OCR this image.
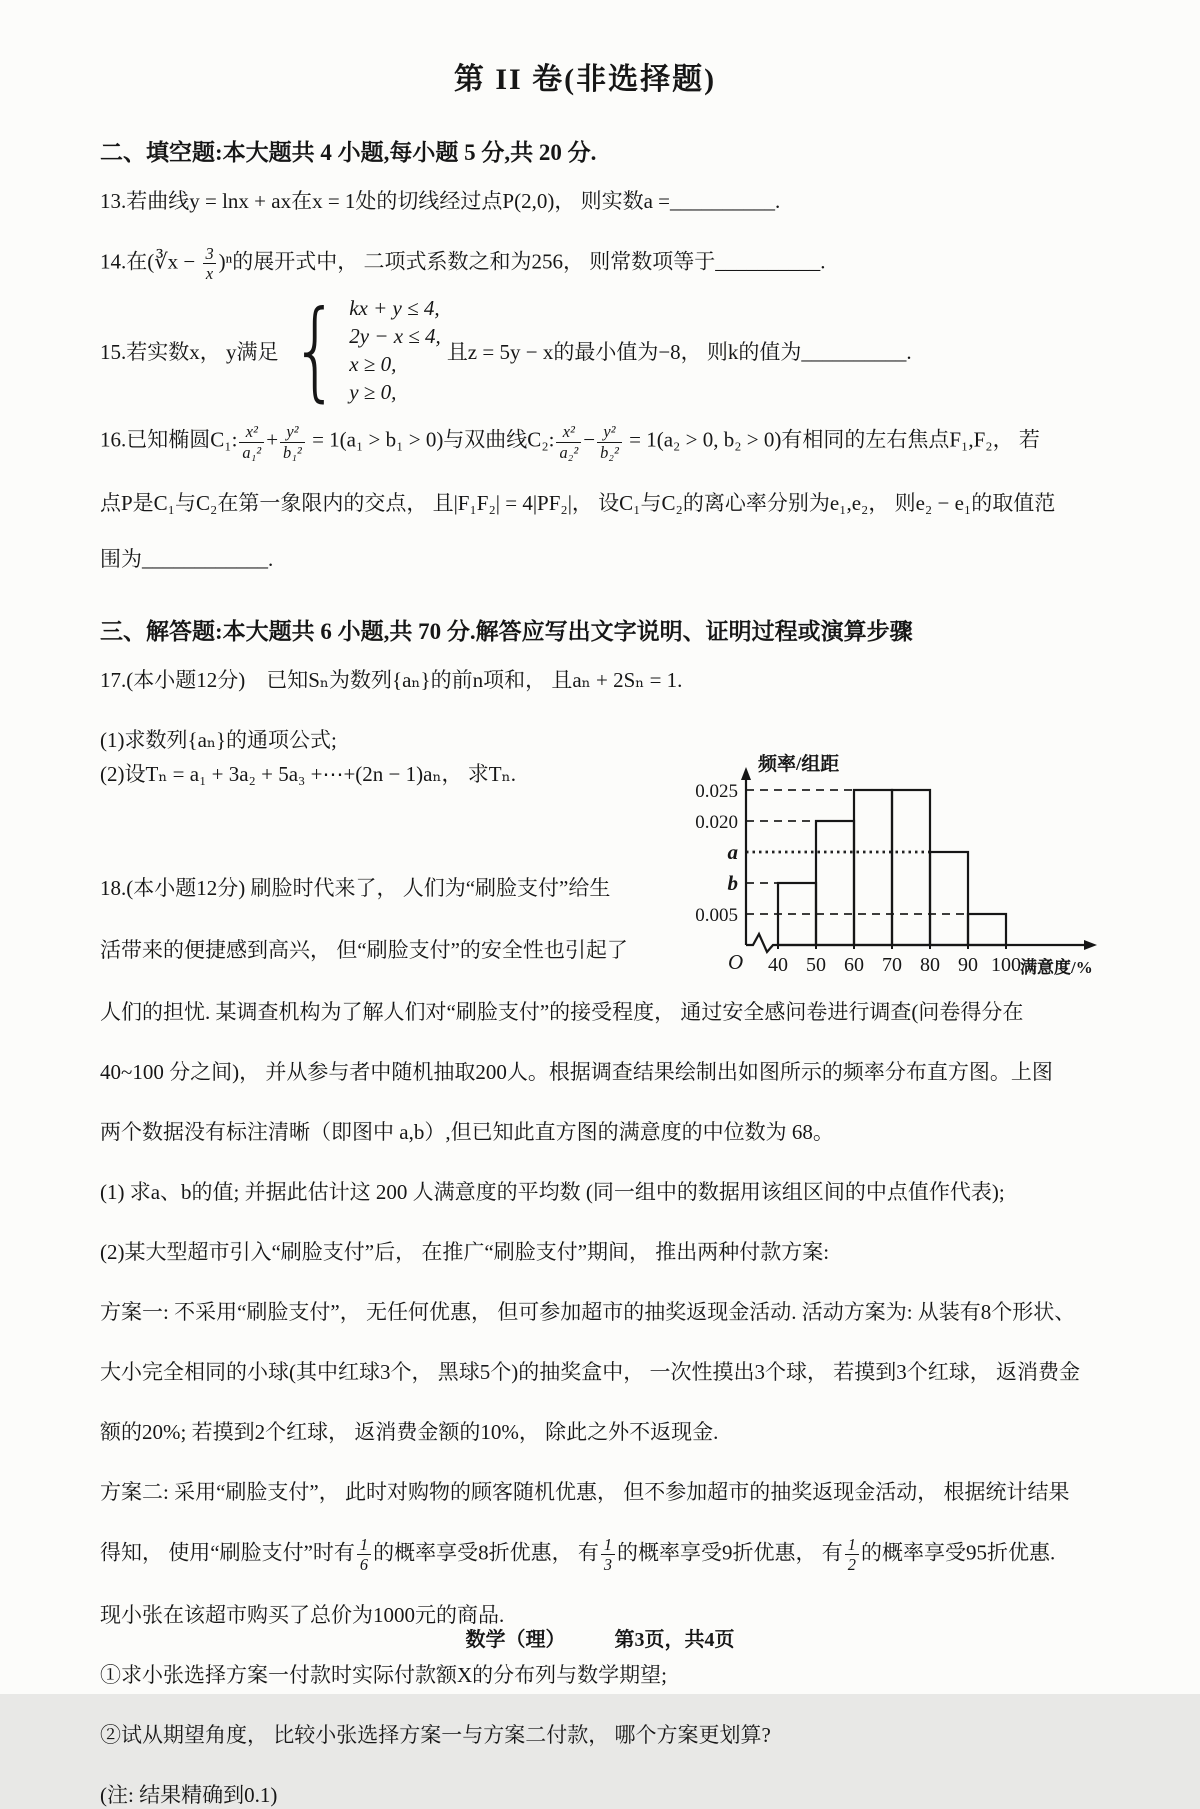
第 II 卷(非选择题)
二、填空题:本大题共 4 小题,每小题 5 分,共 20 分.

13.若曲线y = lnx + ax在x = 1处的切线经过点P(2,0)， 则实数a =__________.

14.在(∛x − $\frac{3}{x} )^n$的展开式中， 二项式系数之和为256， 则常数项等于__________.

15.若实数x， y满足 { kx + y ≤ 4,
2y − x ≤ 4,
x ≥ 0,
y ≥ 0,
且z = 5y − x的最小值为−8， 则k的值为__________.

16.已知椭圆C₁: $\frac{\text{x²}}{\text{a₁²}} + \frac{\text{y²}}{\text{b₁²}} = 1(a_1 > b_1 > 0)$与双曲线C₂: $\frac{\text{x²}}{\text{a₂²}} - \frac{\text{y²}}{\text{b₂²}} = 1(a_2 > 0$, b₂ > 0)有相同的左右焦点F₁,F₂， 若

点P是C₁与C₂在第一象限内的交点， 且|F₁F₂| = 4|PF₂|， 设C₁与C₂的离心率分别为e₁,e₂， 则e₂ − e₁的取值范

围为____________.

三、解答题:本大题共 6 小题,共 70 分.解答应写出文字说明、证明过程或演算步骤

17.(本小题12分)　已知Sₙ为数列{aₙ}的前n项和， 且aₙ + 2Sₙ = 1.

(1)求数列{aₙ}的通项公式;

(2)设Tₙ = a₁ + 3a₂ + 5a₃ +⋯+(2n − 1)aₙ， 求Tₙ.

18.(本小题12分) 刷脸时代来了， 人们为“刷脸支付”给生

活带来的便捷感到高兴， 但“刷脸支付”的安全性也引起了

0.025
0.020
a
b
0.005
频率/组距
O 40 50 60 70 80 90 100 满意度/%

人们的担忧. 某调查机构为了解人们对“刷脸支付”的接受程度， 通过安全感问卷进行调查(问卷得分在

40~100 分之间)， 并从参与者中随机抽取200人。根据调查结果绘制出如图所示的频率分布直方图。上图

两个数据没有标注清晰（即图中 a,b）,但已知此直方图的满意度的中位数为 68。

(1) 求a、b的值; 并据此估计这 200 人满意度的平均数 (同一组中的数据用该组区间的中点值作代表);

(2)某大型超市引入“刷脸支付”后， 在推广“刷脸支付”期间， 推出两种付款方案:

方案一: 不采用“刷脸支付”， 无任何优惠， 但可参加超市的抽奖返现金活动. 活动方案为: 从装有8个形状、

大小完全相同的小球(其中红球3个， 黑球5个)的抽奖盒中， 一次性摸出3个球， 若摸到3个红球， 返消费金

额的20%; 若摸到2个红球， 返消费金额的10%， 除此之外不返现金.

方案二: 采用“刷脸支付”， 此时对购物的顾客随机优惠， 但不参加超市的抽奖返现金活动， 根据统计结果

得知， 使用“刷脸支付”时有 $\frac{1}{6}$ 的概率享受8折优惠， 有 $\frac{1}{3}$ 的概率享受9折优惠， 有 $\frac{1}{2}$ 的概率享受95折优惠.

现小张在该超市购买了总价为1000元的商品.

①求小张选择方案一付款时实际付款额X的分布列与数学期望;

②试从期望角度， 比较小张选择方案一与方案二付款， 哪个方案更划算?

(注: 结果精确到0.1)

数学（理） 第3页，共4页
